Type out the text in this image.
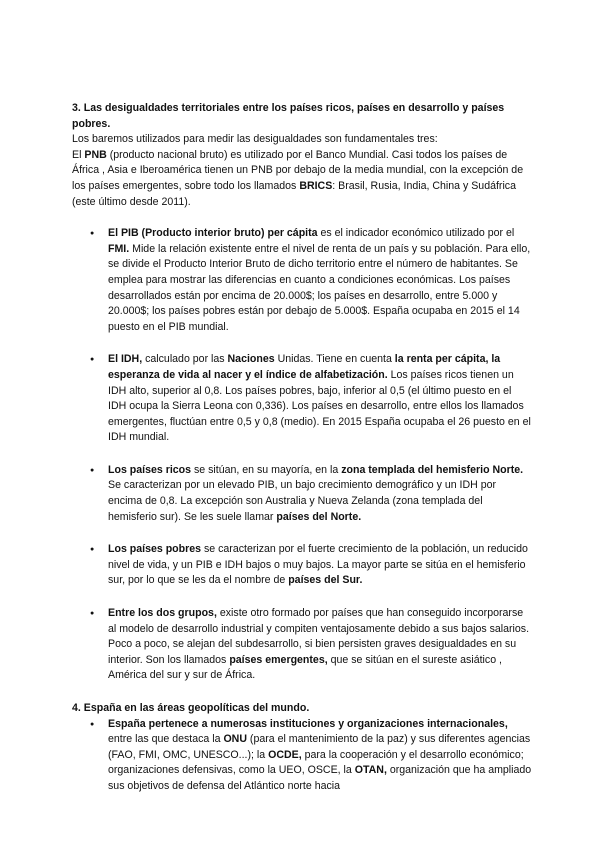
3. Las desigualdades territoriales entre los países ricos, países en desarrollo y países pobres.

Los baremos utilizados para medir las desigualdades son fundamentales tres:

El PNB (producto nacional bruto) es utilizado por el Banco Mundial. Casi todos los países de África , Asia e Iberoamérica tienen un PNB por debajo de la media mundial, con la excepción de los países emergentes, sobre todo los llamados BRICS: Brasil, Rusia, India, China y Sudáfrica (este último desde 2011).

● El PIB (Producto interior bruto) per cápita es el indicador económico utilizado por el FMI. Mide la relación existente entre el nivel de renta de un país y su población. Para ello, se divide el Producto Interior Bruto de dicho territorio entre el número de habitantes. Se emplea para mostrar las diferencias en cuanto a condiciones económicas. Los países desarrollados están por encima de 20.000$; los países en desarrollo, entre 5.000 y 20.000$; los países pobres están por debajo de 5.000$. España ocupaba en 2015 el 14 puesto en el PIB mundial.
● El IDH, calculado por las Naciones Unidas. Tiene en cuenta la renta per cápita, la esperanza de vida al nacer y el índice de alfabetización. Los países ricos tienen un IDH alto, superior al 0,8. Los países pobres, bajo, inferior al 0,5 (el último puesto en el IDH ocupa la Sierra Leona con 0,336). Los países en desarrollo, entre ellos los llamados emergentes, fluctúan entre 0,5 y 0,8 (medio). En 2015 España ocupaba el 26 puesto en el IDH mundial.
● Los países ricos se sitúan, en su mayoría, en la zona templada del hemisferio Norte. Se caracterizan por un elevado PIB, un bajo crecimiento demográfico y un IDH por encima de 0,8. La excepción son Australia y Nueva Zelanda (zona templada del hemisferio sur). Se les suele llamar países del Norte.
● Los países pobres se caracterizan por el fuerte crecimiento de la población, un reducido nivel de vida, y un PIB e IDH bajos o muy bajos. La mayor parte se sitúa en el hemisferio sur, por lo que se les da el nombre de países del Sur.
● Entre los dos grupos, existe otro formado por países que han conseguido incorporarse al modelo de desarrollo industrial y compiten ventajosamente debido a sus bajos salarios. Poco a poco, se alejan del subdesarrollo, si bien persisten graves desigualdades en su interior. Son los llamados países emergentes, que se sitúan en el sureste asiático , América del sur y sur de África.

4. España en las áreas geopolíticas del mundo.

● España pertenece a numerosas instituciones y organizaciones internacionales, entre las que destaca la ONU (para el mantenimiento de la paz) y sus diferentes agencias (FAO, FMI, OMC, UNESCO...); la OCDE, para la cooperación y el desarrollo económico; organizaciones defensivas, como la UEO, OSCE, la OTAN, organización que ha ampliado sus objetivos de defensa del Atlántico norte hacia
